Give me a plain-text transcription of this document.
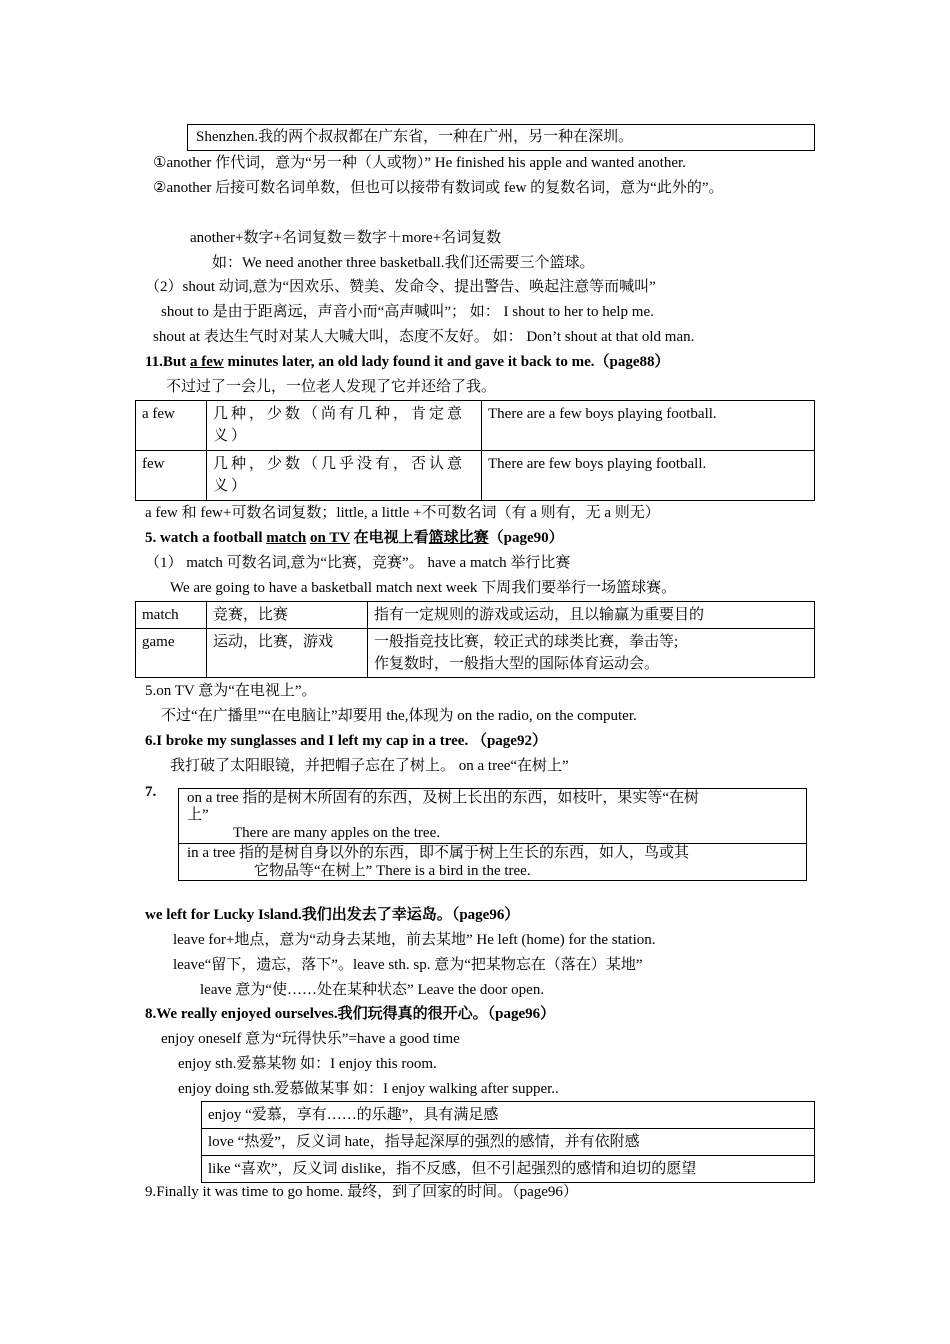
Shenzhen.我的两个叔叔都在广东省，一种在广州，另一种在深圳。
①another 作代词，意为“另一种（人或物）” He finished his apple and wanted another.
②another 后接可数名词单数，但也可以接带有数词或 few 的复数名词，意为“此外的”。
another+数字+名词复数＝数字＋more+名词复数
如：We need another three basketball.我们还需要三个篮球。
（2）shout 动词,意为“因欢乐、赞美、发命令、提出警告、唤起注意等而喊叫”
shout to 是由于距离远，声音小而“高声喊叫”； 如： I shout to her to help me.
shout at 表达生气时对某人大喊大叫，态度不友好。 如： Don’t shout at that old man.
11.But a few minutes later, an old lady found it and gave it back to me.（page88）
不过过了一会儿，一位老人发现了它并还给了我。
a few	几种，少数（尚有几种，肯定意义）	There are a few boys playing football.
few	几种，少数（几乎没有，否认意义）	There are few boys playing football.
a few 和 few+可数名词复数；little, a little +不可数名词（有 a 则有，无 a 则无）
5. watch a football match on TV 在电视上看篮球比赛（page90）
（1） match 可数名词,意为“比赛，竞赛”。 have a match 举行比赛
We are going to have a basketball match next week 下周我们要举行一场篮球赛。
match	竞赛，比赛	指有一定规则的游戏或运动，且以输赢为重要目的

game	运动，比赛，游戏	一般指竞技比赛，较正式的球类比赛，拳击等;
作复数时，一般指大型的国际体育运动会。
5.on TV 意为“在电视上”。
不过“在广播里”“在电脑让”却要用 the,体现为 on the radio, on the computer.
6.I broke my sunglasses and I left my cap in a tree. （page92）
我打破了太阳眼镜，并把帽子忘在了树上。 on a tree“在树上”
7. on a tree 指的是树木所固有的东西，及树上长出的东西，如枝叶，果实等“在树
上”
There are many apples on the tree.
in a tree 指的是树自身以外的东西，即不属于树上生长的东西，如人，鸟或其
它物品等“在树上” There is a bird in the tree.
we left for Lucky Island.我们出发去了幸运岛。（page96）
leave for+地点，意为“动身去某地，前去某地” He left (home) for the station.
leave“留下，遗忘，落下”。leave sth. sp. 意为“把某物忘在（落在）某地”
leave 意为“使……处在某种状态” Leave the door open.
8.We really enjoyed ourselves.我们玩得真的很开心。（page96）
enjoy oneself 意为“玩得快乐”=have a good time
enjoy sth.爱慕某物 如：I enjoy this room.
enjoy doing sth.爱慕做某事 如：I enjoy walking after supper..
enjoy “爱慕，享有……的乐趣”，具有满足感
love “热爱”，反义词 hate，指导起深厚的强烈的感情，并有依附感
like “喜欢”，反义词 dislike，指不反感，但不引起强烈的感情和迫切的愿望
9.Finally it was time to go home. 最终，到了回家的时间。（page96）
